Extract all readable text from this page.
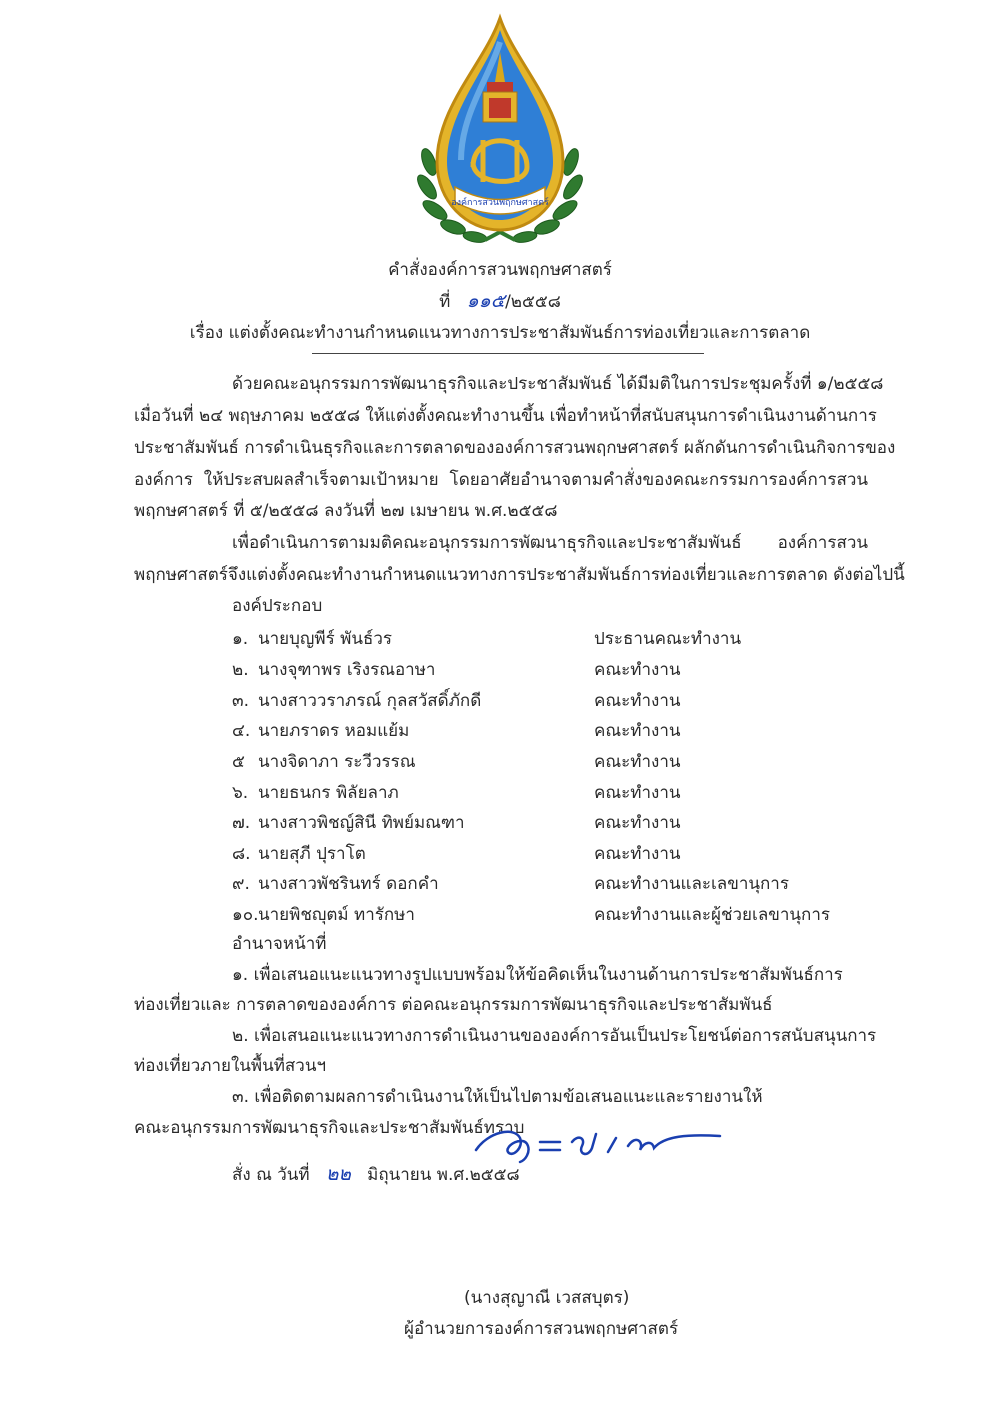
องค์การสวนพฤกษศาสตร์
คำสั่งองค์การสวนพฤกษศาสตร์
ที่ ๑๑๕/๒๕๕๘
เรื่อง แต่งตั้งคณะทำงานกำหนดแนวทางการประชาสัมพันธ์การท่องเที่ยวและการตลาด
ด้วยคณะอนุกรรมการพัฒนาธุรกิจและประชาสัมพันธ์ ได้มีมติในการประชุมครั้งที่ ๑/๒๕๕๘
เมื่อวันที่ ๒๔ พฤษภาคม ๒๕๕๘ ให้แต่งตั้งคณะทำงานขึ้น เพื่อทำหน้าที่สนับสนุนการดำเนินงานด้านการ
ประชาสัมพันธ์ การดำเนินธุรกิจและการตลาดขององค์การสวนพฤกษศาสตร์ ผลักดันการดำเนินกิจการของ
องค์การ ให้ประสบผลสำเร็จตามเป้าหมาย โดยอาศัยอำนาจตามคำสั่งของคณะกรรมการองค์การสวน
พฤกษศาสตร์ ที่ ๕/๒๕๕๘ ลงวันที่ ๒๗ เมษายน พ.ศ.๒๕๕๘
เพื่อดำเนินการตามมติคณะอนุกรรมการพัฒนาธุรกิจและประชาสัมพันธ์ องค์การสวน
พฤกษศาสตร์จึงแต่งตั้งคณะทำงานกำหนดแนวทางการประชาสัมพันธ์การท่องเที่ยวและการตลาด ดังต่อไปนี้
องค์ประกอบ
๑. นายบุญพีร์ พันธ์วร	ประธานคณะทำงาน
๒. นางจุฑาพร เริงรณอาษา	คณะทำงาน
๓. นางสาววราภรณ์ กุลสวัสดิ์ภักดี	คณะทำงาน
๔. นายภราดร หอมแย้ม	คณะทำงาน
๕ นางจิดาภา ระวีวรรณ	คณะทำงาน
๖. นายธนกร พิลัยลาภ	คณะทำงาน
๗. นางสาวพิชญ์สินี ทิพย์มณฑา	คณะทำงาน
๘. นายสุภี ปุราโต	คณะทำงาน
๙. นางสาวพัชรินทร์ ดอกคำ	คณะทำงานและเลขานุการ
๑๐. นายพิชญุตม์ ทารักษา	คณะทำงานและผู้ช่วยเลขานุการ
อำนาจหน้าที่
๑. เพื่อเสนอแนะแนวทางรูปแบบพร้อมให้ข้อคิดเห็นในงานด้านการประชาสัมพันธ์การ
ท่องเที่ยวและ การตลาดขององค์การ ต่อคณะอนุกรรมการพัฒนาธุรกิจและประชาสัมพันธ์
๒. เพื่อเสนอแนะแนวทางการดำเนินงานขององค์การอันเป็นประโยชน์ต่อการสนับสนุนการ
ท่องเที่ยวภายในพื้นที่สวนฯ
๓. เพื่อติดตามผลการดำเนินงานให้เป็นไปตามข้อเสนอแนะและรายงานให้
คณะอนุกรรมการพัฒนาธุรกิจและประชาสัมพันธ์ทราบ
สั่ง ณ วันที่ ๒๒ มิถุนายน พ.ศ.๒๕๕๘
(นางสุญาณี เวสสบุตร)
ผู้อำนวยการองค์การสวนพฤกษศาสตร์
